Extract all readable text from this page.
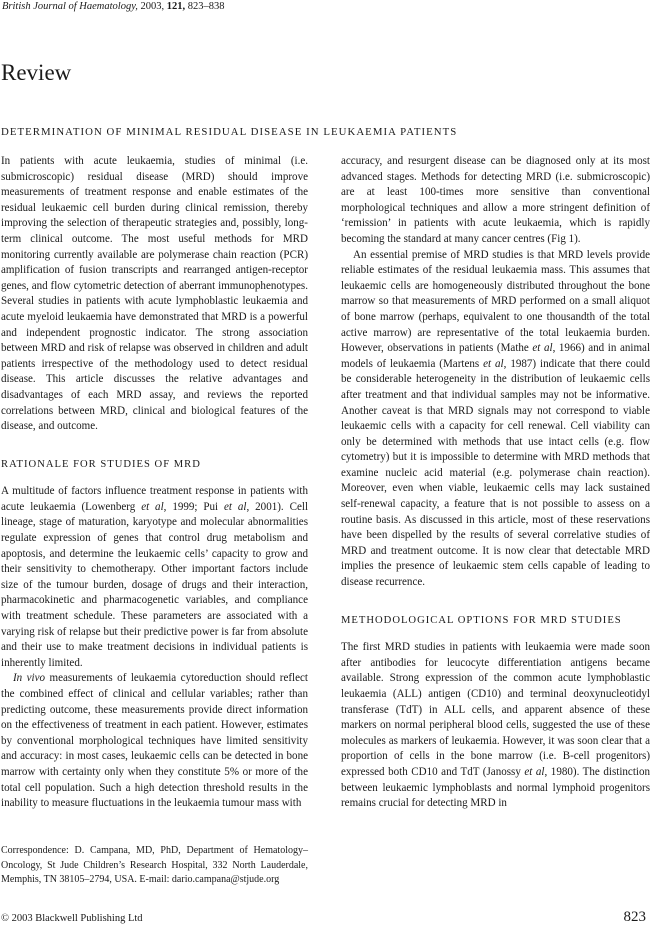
British Journal of Haematology, 2003, 121, 823–838
Review
DETERMINATION OF MINIMAL RESIDUAL DISEASE IN LEUKAEMIA PATIENTS

In patients with acute leukaemia, studies of minimal (i.e. submicroscopic) residual disease (MRD) should improve measurements of treatment response and enable estimates of the residual leukaemic cell burden during clinical remission, thereby improving the selection of therapeutic strategies and, possibly, long-term clinical outcome. The most useful methods for MRD monitoring currently available are polymerase chain reaction (PCR) amplification of fusion transcripts and rearranged antigen-receptor genes, and flow cytometric detection of aberrant immunophenotypes. Several studies in patients with acute lymphoblastic leukaemia and acute myeloid leukaemia have demonstrated that MRD is a powerful and independent prognostic indicator. The strong association between MRD and risk of relapse was observed in children and adult patients irrespective of the methodology used to detect residual disease. This article discusses the relative advantages and disadvantages of each MRD assay, and reviews the reported correlations between MRD, clinical and biological features of the disease, and outcome.

RATIONALE FOR STUDIES OF MRD

A multitude of factors influence treatment response in patients with acute leukaemia (Lowenberg et al, 1999; Pui et al, 2001). Cell lineage, stage of maturation, karyotype and molecular abnormalities regulate expression of genes that control drug metabolism and apoptosis, and determine the leukaemic cells’ capacity to grow and their sensitivity to chemotherapy. Other important factors include size of the tumour burden, dosage of drugs and their interaction, pharmacokinetic and pharmacogenetic variables, and compliance with treatment schedule. These parameters are associated with a varying risk of relapse but their predictive power is far from absolute and their use to make treatment decisions in individual patients is inherently limited.

In vivo measurements of leukaemia cytoreduction should reflect the combined effect of clinical and cellular variables; rather than predicting outcome, these measurements provide direct information on the effectiveness of treatment in each patient. However, estimates by conventional morphological techniques have limited sensitivity and accuracy: in most cases, leukaemic cells can be detected in bone marrow with certainty only when they constitute 5% or more of the total cell population. Such a high detection threshold results in the inability to measure fluctuations in the leukaemia tumour mass with

Correspondence: D. Campana, MD, PhD, Department of Hematology–Oncology, St Jude Children’s Research Hospital, 332 North Lauderdale, Memphis, TN 38105–2794, USA. E-mail: dario.campana@stjude.org

accuracy, and resurgent disease can be diagnosed only at its most advanced stages. Methods for detecting MRD (i.e. submicroscopic) are at least 100-times more sensitive than conventional morphological techniques and allow a more stringent definition of ‘remission’ in patients with acute leukaemia, which is rapidly becoming the standard at many cancer centres (Fig 1).

An essential premise of MRD studies is that MRD levels provide reliable estimates of the residual leukaemia mass. This assumes that leukaemic cells are homogeneously distributed throughout the bone marrow so that measurements of MRD performed on a small aliquot of bone marrow (perhaps, equivalent to one thousandth of the total active marrow) are representative of the total leukaemia burden. However, observations in patients (Mathe et al, 1966) and in animal models of leukaemia (Martens et al, 1987) indicate that there could be considerable heterogeneity in the distribution of leukaemic cells after treatment and that individual samples may not be informative. Another caveat is that MRD signals may not correspond to viable leukaemic cells with a capacity for cell renewal. Cell viability can only be determined with methods that use intact cells (e.g. flow cytometry) but it is impossible to determine with MRD methods that examine nucleic acid material (e.g. polymerase chain reaction). Moreover, even when viable, leukaemic cells may lack sustained self-renewal capacity, a feature that is not possible to assess on a routine basis. As discussed in this article, most of these reservations have been dispelled by the results of several correlative studies of MRD and treatment outcome. It is now clear that detectable MRD implies the presence of leukaemic stem cells capable of leading to disease recurrence.

METHODOLOGICAL OPTIONS FOR MRD STUDIES

The first MRD studies in patients with leukaemia were made soon after antibodies for leucocyte differentiation antigens became available. Strong expression of the common acute lymphoblastic leukaemia (ALL) antigen (CD10) and terminal deoxynucleotidyl transferase (TdT) in ALL cells, and apparent absence of these markers on normal peripheral blood cells, suggested the use of these molecules as markers of leukaemia. However, it was soon clear that a proportion of cells in the bone marrow (i.e. B-cell progenitors) expressed both CD10 and TdT (Janossy et al, 1980). The distinction between leukaemic lymphoblasts and normal lymphoid progenitors remains crucial for detecting MRD in

© 2003 Blackwell Publishing Ltd	823
